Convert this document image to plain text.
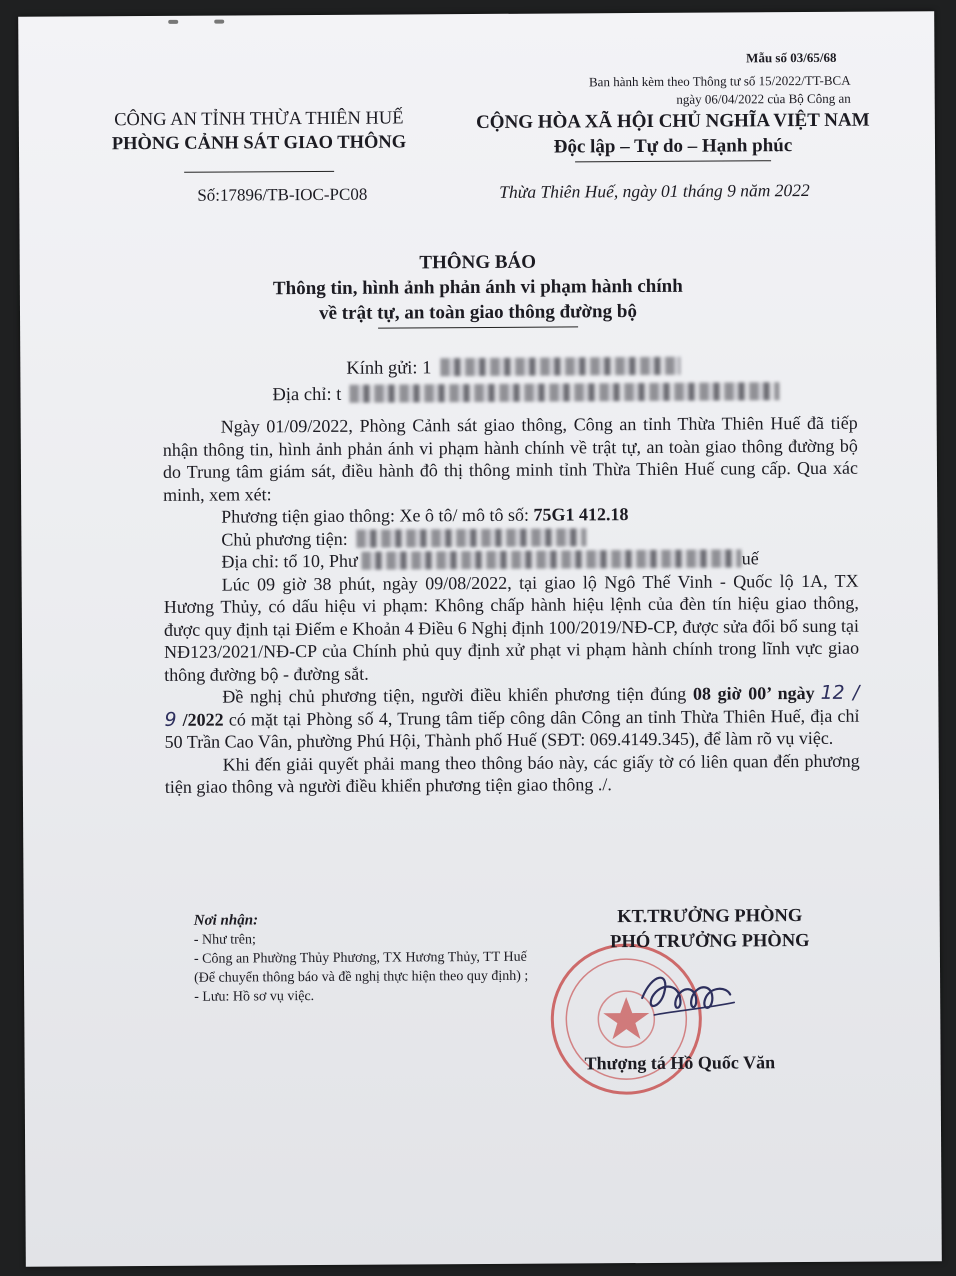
Mẫu số 03/65/68
Ban hành kèm theo Thông tư số 15/2022/TT-BCA
ngày 06/04/2022 của Bộ Công an
CÔNG AN TỈNH THỪA THIÊN HUẾ
PHÒNG CẢNH SÁT GIAO THÔNG
Số:17896/TB-IOC-PC08
CỘNG HÒA XÃ HỘI CHỦ NGHĨA VIỆT NAM
Độc lập – Tự do – Hạnh phúc
Thừa Thiên Huế, ngày 01 tháng 9 năm 2022
THÔNG BÁO
Thông tin, hình ảnh phản ánh vi phạm hành chính
về trật tự, an toàn giao thông đường bộ
Kính gửi: 1
Địa chỉ: t

Ngày 01/09/2022, Phòng Cảnh sát giao thông, Công an tỉnh Thừa Thiên Huế đã tiếp nhận thông tin, hình ảnh phản ánh vi phạm hành chính về trật tự, an toàn giao thông đường bộ do Trung tâm giám sát, điều hành đô thị thông minh tỉnh Thừa Thiên Huế cung cấp. Qua xác minh, xem xét:

Phương tiện giao thông: Xe ô tô/ mô tô số: 75G1 412.18

Chủ phương tiện:

Địa chỉ: tổ 10, Phư	uế

Lúc 09 giờ 38 phút, ngày 09/08/2022, tại giao lộ Ngô Thế Vinh - Quốc lộ 1A, TX Hương Thủy, có dấu hiệu vi phạm: Không chấp hành hiệu lệnh của đèn tín hiệu giao thông, được quy định tại Điểm e Khoản 4 Điều 6 Nghị định 100/2019/NĐ-CP, được sửa đổi bổ sung tại NĐ123/2021/NĐ-CP của Chính phủ quy định xử phạt vi phạm hành chính trong lĩnh vực giao thông đường bộ - đường sắt.

Đề nghị chủ phương tiện, người điều khiển phương tiện đúng 08 giờ 00’ ngày 12 / 9 /2022 có mặt tại Phòng số 4, Trung tâm tiếp công dân Công an tỉnh Thừa Thiên Huế, địa chỉ 50 Trần Cao Vân, phường Phú Hội, Thành phố Huế (SĐT: 069.4149.345), để làm rõ vụ việc.

Khi đến giải quyết phải mang theo thông báo này, các giấy tờ có liên quan đến phương tiện giao thông và người điều khiển phương tiện giao thông ./.

Nơi nhận:
- Như trên;
- Công an Phường Thủy Phương, TX Hương Thủy, TT Huế (Để chuyển thông báo và đề nghị thực hiện theo quy định) ;
- Lưu: Hồ sơ vụ việc.
KT.TRƯỞNG PHÒNG
PHÓ TRƯỞNG PHÒNG
Thượng tá Hồ Quốc Văn
